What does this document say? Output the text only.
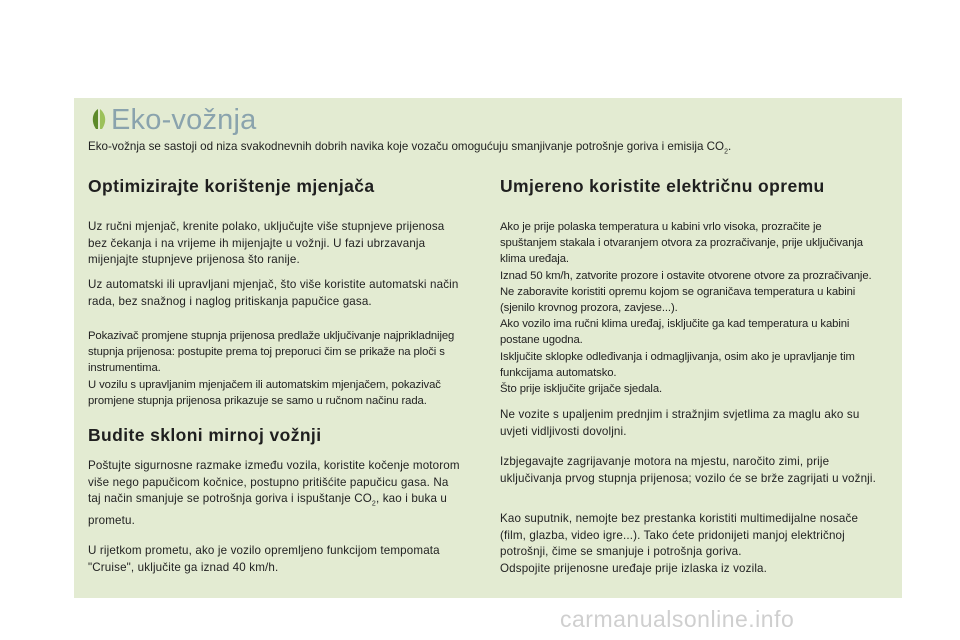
Eko-vožnja
Eko-vožnja se sastoji od niza svakodnevnih dobrih navika koje vozaču omogućuju smanjivanje potrošnje goriva i emisija $CO_2$.
Optimizirajte korištenje mjenjača
Uz ručni mjenjač, krenite polako, uključujte više stupnjeve prijenosa
bez čekanja i na vrijeme ih mijenjajte u vožnji. U fazi ubrzavanja
mijenjajte stupnjeve prijenosa što ranije.
Uz automatski ili upravljani mjenjač, što više koristite automatski način
rada, bez snažnog i naglog pritiskanja papučice gasa.
Pokazivač promjene stupnja prijenosa predlaže uključivanje najprikladnijeg
stupnja prijenosa: postupite prema toj preporuci čim se prikaže na ploči s
instrumentima.
U vozilu s upravljanim mjenjačem ili automatskim mjenjačem, pokazivač
promjene stupnja prijenosa prikazuje se samo u ručnom načinu rada.
Budite skloni mirnoj vožnji
Poštujte sigurnosne razmake između vozila, koristite kočenje motorom
više nego papučicom kočnice, postupno pritišćite papučicu gasa. Na
taj način smanjuje se potrošnja goriva i ispuštanje $CO_2$, kao i buka u
prometu.
U rijetkom prometu, ako je vozilo opremljeno funkcijom tempomata
"Cruise", uključite ga iznad 40 km/h.
Umjereno koristite električnu opremu
Ako je prije polaska temperatura u kabini vrlo visoka, prozračite je
spuštanjem stakala i otvaranjem otvora za prozračivanje, prije uključivanja
klima uređaja.
Iznad 50 km/h, zatvorite prozore i ostavite otvorene otvore za prozračivanje.
Ne zaboravite koristiti opremu kojom se ograničava temperatura u kabini
(sjenilo krovnog prozora, zavjese...).
Ako vozilo ima ručni klima uređaj, isključite ga kad temperatura u kabini
postane ugodna.
Isključite sklopke odleđivanja i odmagljivanja, osim ako je upravljanje tim
funkcijama automatsko.
Što prije isključite grijače sjedala.
Ne vozite s upaljenim prednjim i stražnjim svjetlima za maglu ako su
uvjeti vidljivosti dovoljni.
Izbjegavajte zagrijavanje motora na mjestu, naročito zimi, prije
uključivanja prvog stupnja prijenosa; vozilo će se brže zagrijati u vožnji.
Kao suputnik, nemojte bez prestanka koristiti multimedijalne nosače
(film, glazba, video igre...). Tako ćete pridonijeti manjoj električnoj
potrošnji, čime se smanjuje i potrošnja goriva.
Odspojite prijenosne uređaje prije izlaska iz vozila.
carmanualsonline.info
